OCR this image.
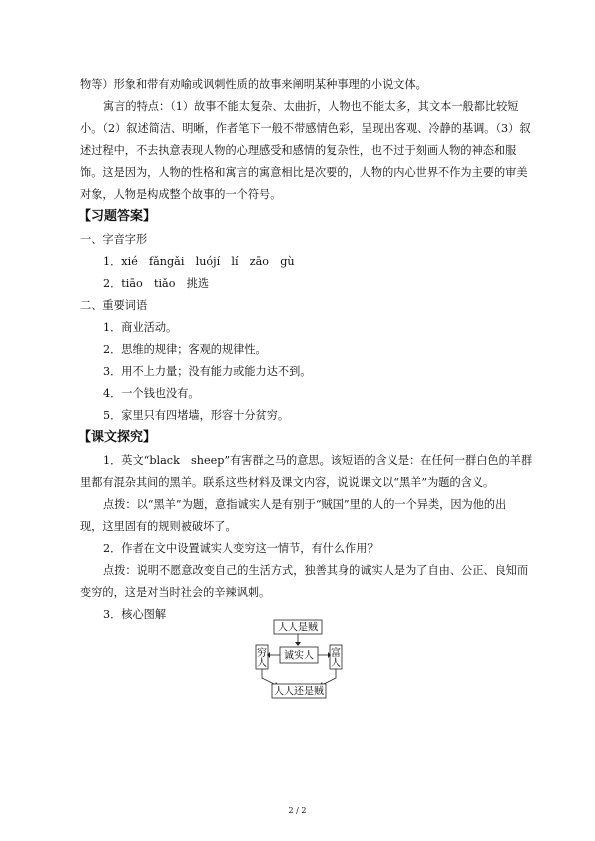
物等）形象和带有劝喻或讽刺性质的故事来阐明某种事理的小说文体。
寓言的特点：（1）故事不能太复杂、太曲折，人物也不能太多，其文本一般都比较短
小。（2）叙述简洁、明晰，作者笔下一般不带感情色彩，呈现出客观、冷静的基调。（3）叙
述过程中，不去执意表现人物的心理感受和感情的复杂性，也不过于刻画人物的神态和服
饰。这是因为，人物的性格和寓言的寓意相比是次要的，人物的内心世界不作为主要的审美
对象，人物是构成整个故事的一个符号。
【习题答案】
一、字音字形
1．xié　fǎngǎi　luójí　lí　zāo　gù
2．tiāo　tiǎo　挑选
二、重要词语
1．商业活动。
2．思维的规律；客观的规律性。
3．用不上力量；没有能力或能力达不到。
4．一个钱也没有。
5．家里只有四堵墙，形容十分贫穷。
【课文探究】
1．英文“black　sheep”有害群之马的意思。该短语的含义是：在任何一群白色的羊群
里都有混杂其间的黑羊。联系这些材料及课文内容，说说课文以“黑羊”为题的含义。
点拨：以“黑羊”为题，意指诚实人是有别于“贼国”里的人的一个异类，因为他的出
现，这里固有的规则被破坏了。
2．作者在文中设置诚实人变穷这一情节，有什么作用？
点拨：说明不愿意改变自己的生活方式，独善其身的诚实人是为了自由、公正、良知而
变穷的，这是对当时社会的辛辣讽刺。
3．核心图解
人人是贼
诚实人
穷
人
富
人
人人还是贼
2 / 2
